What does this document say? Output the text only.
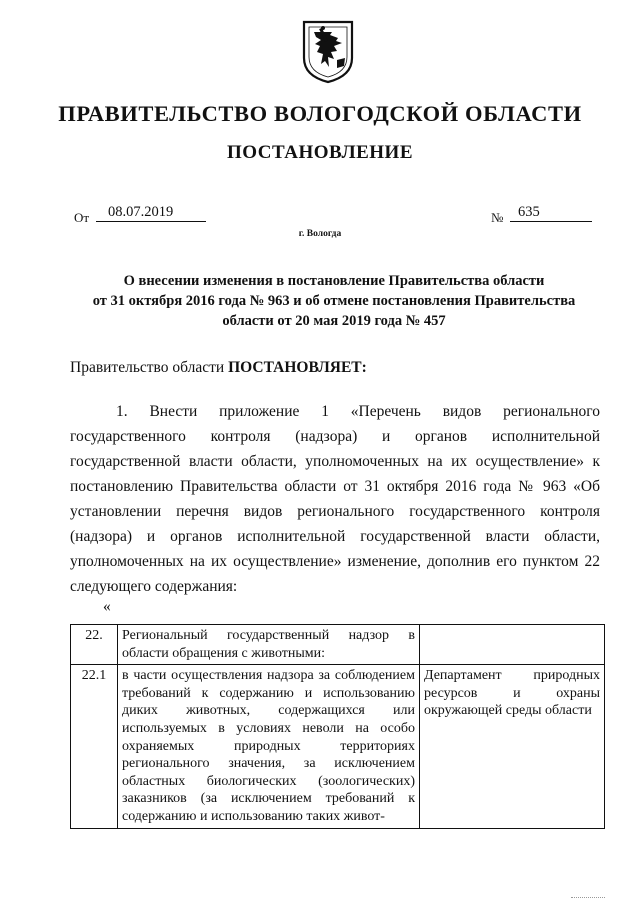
ПРАВИТЕЛЬСТВО ВОЛОГОДСКОЙ ОБЛАСТИ
ПОСТАНОВЛЕНИЕ
От	08.07.2019	№	635
г. Вологда
О внесении изменения в постановление Правительства области
от 31 октября 2016 года № 963 и об отмене постановления Правительства
области от 20 мая 2019 года № 457
Правительство области ПОСТАНОВЛЯЕТ:

1. Внести приложение 1 «Перечень видов регионального государственного контроля (надзора) и органов исполнительной государственной власти области, уполномоченных на их осуществление» к постановлению Правительства области от 31 октября 2016 года № 963 «Об установлении перечня видов регионального государственного контроля (надзора) и органов исполнительной государственной власти области, уполномоченных на их осуществление» изменение, дополнив его пунктом 22 следующего содержания:

«
22.	Региональный государственный надзор в области обращения с животными:	
22.1	в части осуществления надзора за соблюдением требований к содержанию и использованию диких животных, содержащихся или используемых в условиях неволи на особо охраняемых природных территориях регионального значения, за исключением областных биологических (зоологических) заказников (за исключением требований к содержанию и использованию таких живот-	Департамент природных ресурсов и охраны окружающей среды области
